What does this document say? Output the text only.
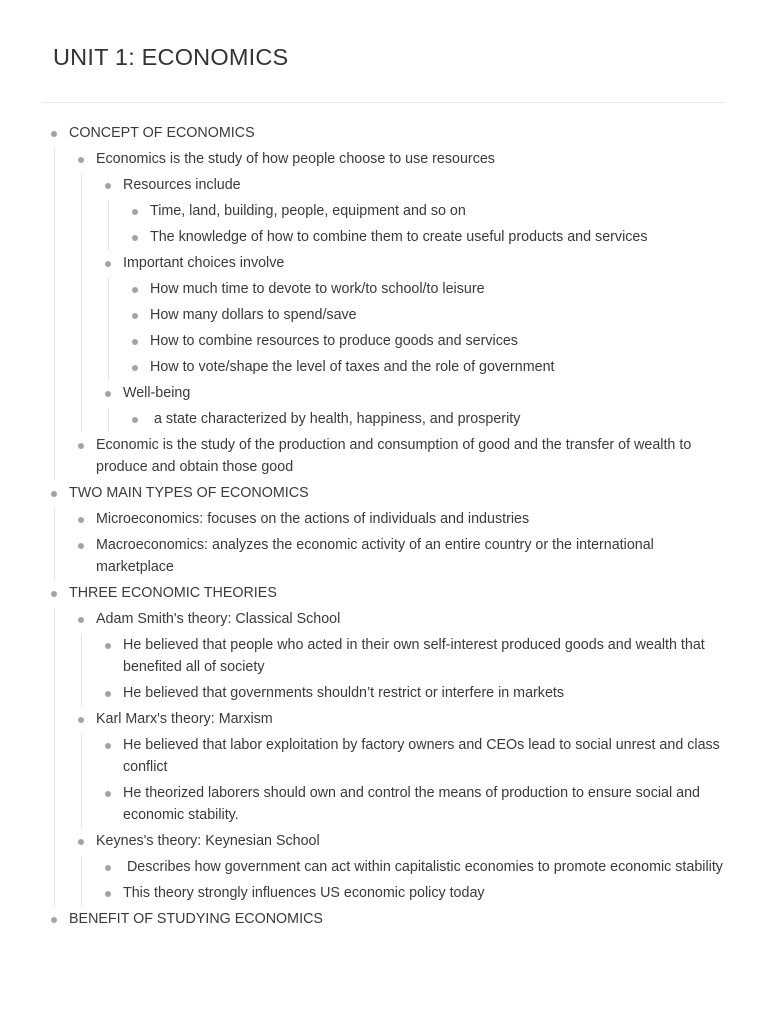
UNIT 1: ECONOMICS
CONCEPT OF ECONOMICS
Economics is the study of how people choose to use resources
Resources include
Time, land, building, people, equipment and so on
The knowledge of how to combine them to create useful products and services
Important choices involve
How much time to devote to work/to school/to leisure
How many dollars to spend/save
How to combine resources to produce goods and services
How to vote/shape the level of taxes and the role of government
Well-being
a state characterized by health, happiness, and prosperity
Economic is the study of the production and consumption of good and the transfer of wealth to produce and obtain those good
TWO MAIN TYPES OF ECONOMICS
Microeconomics: focuses on the actions of individuals and industries
Macroeconomics: analyzes the economic activity of an entire country or the international marketplace
THREE ECONOMIC THEORIES
Adam Smith's theory: Classical School
He believed that people who acted in their own self-interest produced goods and wealth that benefited all of society
He believed that governments shouldn’t restrict or interfere in markets
Karl Marx's theory: Marxism
He believed that labor exploitation by factory owners and CEOs lead to social unrest and class conflict
He theorized laborers should own and control the means of production to ensure social and economic stability.
Keynes's theory: Keynesian School
Describes how government can act within capitalistic economies to promote economic stability
This theory strongly influences US economic policy today
BENEFIT OF STUDYING ECONOMICS
